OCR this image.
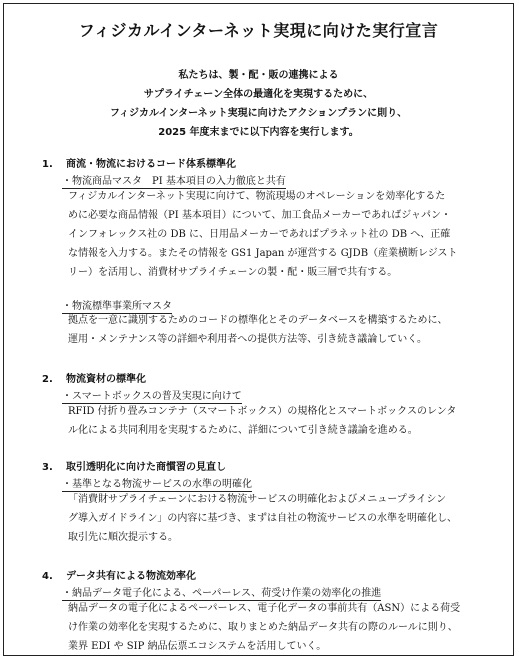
フィジカルインターネット実現に向けた実行宣言
私たちは、製・配・販の連携による
サプライチェーン全体の最適化を実現するために、
フィジカルインターネット実現に向けたアクションプランに則り、
2025 年度末までに以下内容を実行します。
1. 商流・物流におけるコード体系標準化
・物流商品マスタ　PI 基本項目の入力徹底と共有
フィジカルインターネット実現に向けて、物流現場のオペレーションを効率化するた
めに必要な商品情報（PI 基本項目）について、加工食品メーカーであればジャパン・
インフォレックス社の DB に、日用品メーカーであればプラネット社の DB へ、正確
な情報を入力する。またその情報を GS1 Japan が運営する GJDB（産業横断レジスト
リー）を活用し、消費材サプライチェーンの製・配・販三層で共有する。
・物流標準事業所マスタ
拠点を一意に識別するためのコードの標準化とそのデータベースを構築するために、
運用・メンテナンス等の詳細や利用者への提供方法等、引き続き議論していく。
2. 物流資材の標準化
・スマートボックスの普及実現に向けて
RFID 付折り畳みコンテナ（スマートボックス）の規格化とスマートボックスのレンタ
ル化による共同利用を実現するために、詳細について引き続き議論を進める。
3. 取引透明化に向けた商慣習の見直し
・基準となる物流サービスの水準の明確化
「消費財サプライチェーンにおける物流サービスの明確化およびメニュープライシン
グ導入ガイドライン」の内容に基づき、まずは自社の物流サービスの水準を明確化し、
取引先に順次提示する。
4. データ共有による物流効率化
・納品データ電子化による、ペーパーレス、荷受け作業の効率化の推進
納品データの電子化によるペーパーレス、電子化データの事前共有（ASN）による荷受
け作業の効率化を実現するために、取りまとめた納品データ共有の際のルールに則り、
業界 EDI や SIP 納品伝票エコシステムを活用していく。
